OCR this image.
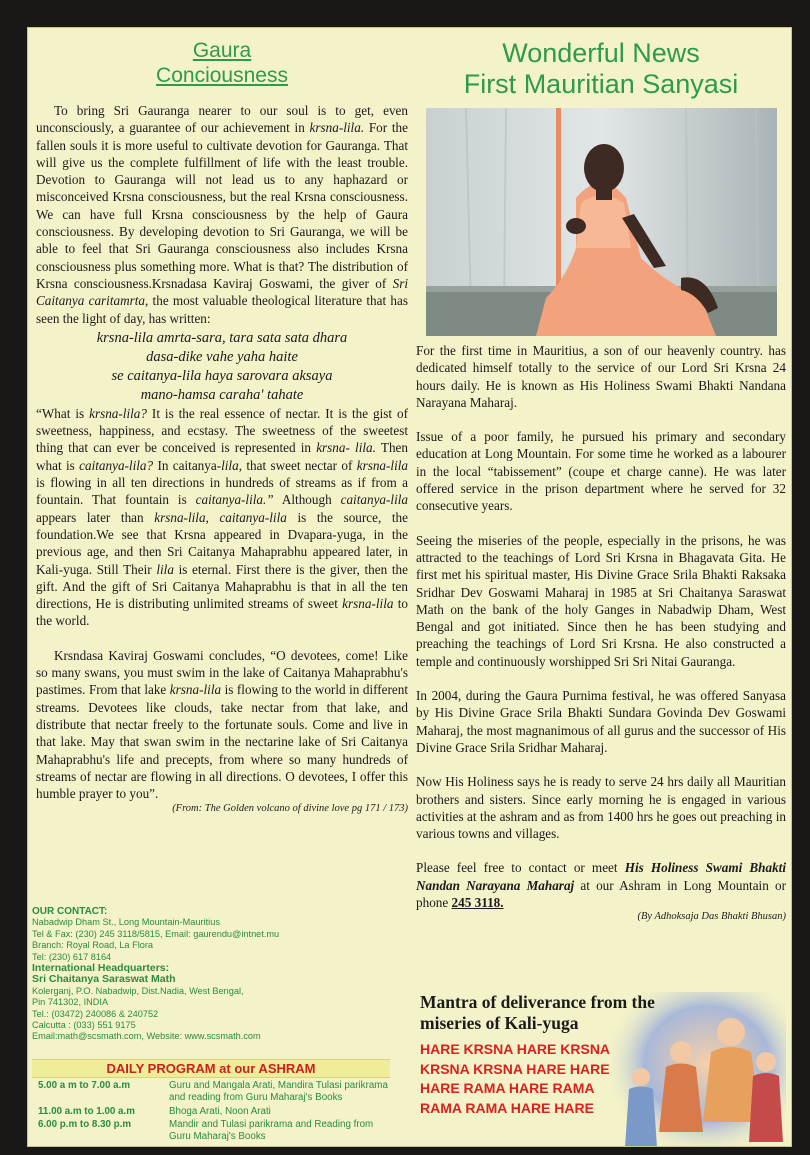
Gaura
Conciousness

To bring Sri Gauranga nearer to our soul is to get, even unconsciously, a guarantee of our achievement in krsna-lila. For the fallen souls it is more useful to cultivate devotion for Gauranga. That will give us the complete fulfillment of life with the least trouble. Devotion to Gauranga will not lead us to any haphazard or misconceived Krsna consciousness, but the real Krsna consciousness. We can have full Krsna consciousness by the help of Gaura consciousness. By developing devotion to Sri Gauranga, we will be able to feel that Sri Gauranga consciousness also includes Krsna consciousness plus something more. What is that? The distribution of Krsna consciousness.Krsnadasa Kaviraj Goswami, the giver of Sri Caitanya caritamrta, the most valuable theological literature that has seen the light of day, has written:

krsna-lila amrta-sara, tara sata sata dhara

dasa-dike vahe yaha haite

se caitanya-lila haya sarovara aksaya

mano-hamsa caraha' tahate

“What is krsna-lila? It is the real essence of nectar. It is the gist of sweetness, happiness, and ecstasy. The sweetness of the sweetest thing that can ever be conceived is represented in krsna- lila. Then what is caitanya-lila? In caitanya-lila, that sweet nectar of krsna-lila is flowing in all ten directions in hundreds of streams as if from a fountain. That fountain is caitanya-lila.” Although caitanya-lila appears later than krsna-lila, caitanya-lila is the source, the foundation.We see that Krsna appeared in Dvapara-yuga, in the previous age, and then Sri Caitanya Mahaprabhu appeared later, in Kali-yuga. Still Their lila is eternal. First there is the giver, then the gift. And the gift of Sri Caitanya Mahaprabhu is that in all the ten directions, He is distributing unlimited streams of sweet krsna-lila to the world.

Krsndasa Kaviraj Goswami concludes, “O devotees, come! Like so many swans, you must swim in the lake of Caitanya Mahaprabhu's pastimes. From that lake krsna-lila is flowing to the world in different streams. Devotees like clouds, take nectar from that lake, and distribute that nectar freely to the fortunate souls. Come and live in that lake. May that swan swim in the nectarine lake of Sri Caitanya Mahaprabhu's life and precepts, from where so many hundreds of streams of nectar are flowing in all directions. O devotees, I offer this humble prayer to you”.

(From: The Golden volcano of divine love pg 171 / 173)

OUR CONTACT:
Nabadwip Dham St., Long Mountain-Mauritius
Tel & Fax: (230) 245 3118/5815, Email: gaurendu@intnet.mu
Branch: Royal Road, La Flora
Tel: (230) 617 8164
International Headquarters:
Sri Chaitanya Saraswat Math
Kolerganj, P.O. Nabadwip, Dist.Nadia, West Bengal,
Pin 741302, INDIA
Tel.: (03472) 240086 & 240752
Calcutta : (033) 551 9175
Email:math@scsmath.com, Website: www.scsmath.com
DAILY PROGRAM at our ASHRAM
5.00 a m to 7.00 a.m	Guru and Mangala Arati, Mandira Tulasi parikrama and reading from Guru Maharaj's Books
11.00 a.m to 1.00 a.m	Bhoga Arati, Noon Arati
6.00 p.m to 8.30 p.m	Mandir and Tulasi parikrama and Reading from Guru Maharaj's Books
Wonderful News
First Mauritian Sanyasi

For the first time in Mauritius, a son of our heavenly country. has dedicated himself totally to the service of our Lord Sri Krsna 24 hours daily. He is known as His Holiness Swami Bhakti Nandana Narayana Maharaj.

Issue of a poor family, he pursued his primary and secondary education at Long Mountain. For some time he worked as a labourer in the local “tabissement” (coupe et charge canne). He was later offered service in the prison department where he served for 32 consecutive years.

Seeing the miseries of the people, especially in the prisons, he was attracted to the teachings of Lord Sri Krsna in Bhagavata Gita. He first met his spiritual master, His Divine Grace Srila Bhakti Raksaka Sridhar Dev Goswami Maharaj in 1985 at Sri Chaitanya Saraswat Math on the bank of the holy Ganges in Nabadwip Dham, West Bengal and got initiated. Since then he has been studying and preaching the teachings of Lord Sri Krsna. He also constructed a temple and continuously worshipped Sri Sri Nitai Gauranga.

In 2004, during the Gaura Purnima festival, he was offered Sanyasa by His Divine Grace Srila Bhakti Sundara Govinda Dev Goswami Maharaj, the most magnanimous of all gurus and the successor of His Divine Grace Srila Sridhar Maharaj.

Now His Holiness says he is ready to serve 24 hrs daily all Mauritian brothers and sisters. Since early morning he is engaged in various activities at the ashram and as from 1400 hrs he goes out preaching in various towns and villages.

Please feel free to contact or meet His Holiness Swami Bhakti Nandan Narayana Maharaj at our Ashram in Long Mountain or phone 245 3118.

(By Adhoksaja Das Bhakti Bhusan)

Mantra of deliverance from the
miseries of Kali-yuga
HARE KRSNA HARE KRSNA
KRSNA KRSNA HARE HARE
HARE RAMA HARE RAMA
RAMA RAMA HARE HARE
